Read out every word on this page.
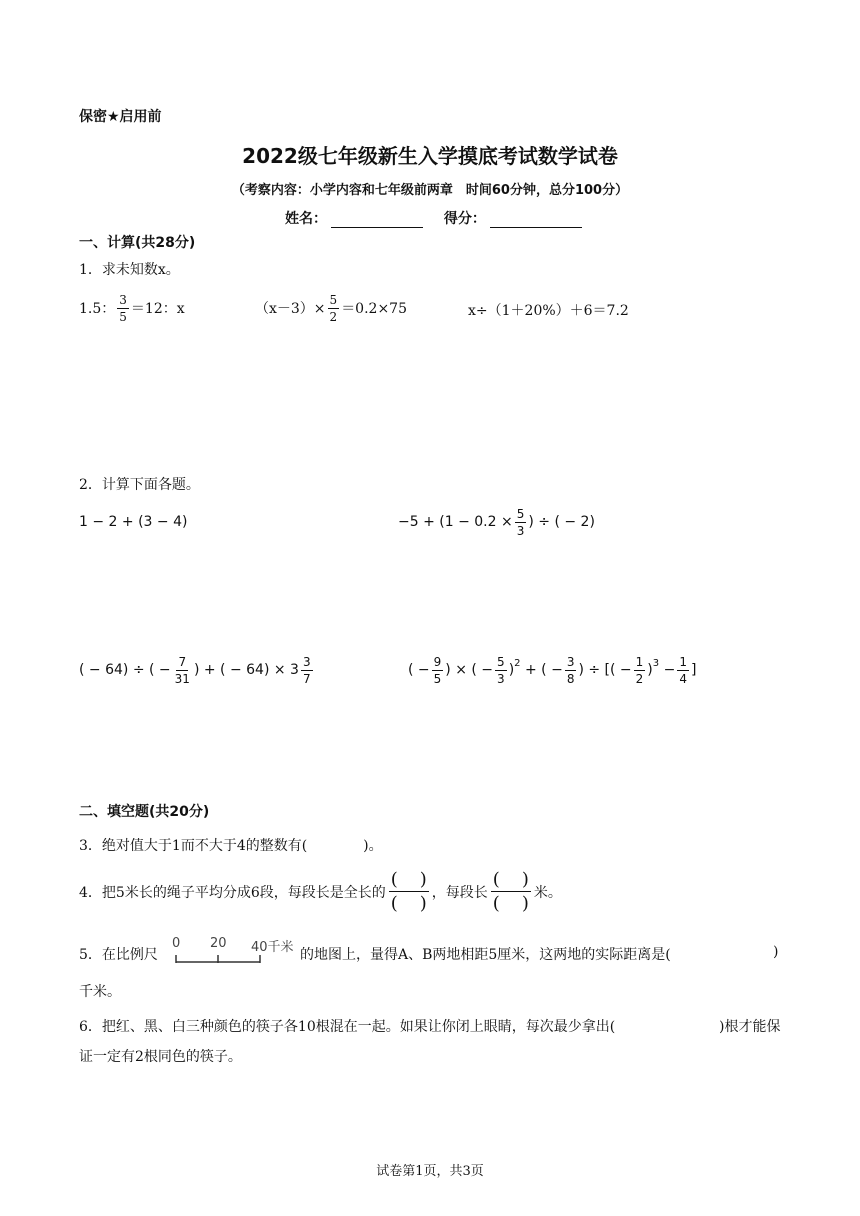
保密★启用前
2022级七年级新生入学摸底考试数学试卷
（考察内容：小学内容和七年级前两章　时间60分钟，总分100分）
姓名：	得分：
一、计算(共28分)
1．求未知数x。
1.5： $\frac{3}{5} =12$：x	$(x-3)\times \frac{5}{2} =0.2\times 75$	x÷（1＋20%）＋6＝7.2
2．计算下面各题。
1 − 2 + (3 − 4)	$-5 + (1 - 0.2 \times \frac{5}{3}$ ) ÷ ( − 2)
( − 64) ÷ ( − $\frac{7}{31}$ ) + ( − $64) \times 3 \frac{3}{7}$	( − $\frac{9}{5}$ ) × ( − $\frac{5}{3} )^2$ + ( − $\frac{3}{8}$ ) ÷ [( − $\frac{1}{2} )^3 - \frac{1}{4}$ ]
二、填空题(共20分)
3．绝对值大于1而不大于4的整数有(　　　　)。
4．把5米长的绳子平均分成6段，每段长是全长的 $\frac{( )}{( )}$ ，每段长 $\frac{( )}{( )}$ 米。
5．在比例尺
0 20 40千米 的地图上，量得A、B两地相距5厘米，这两地的实际距离是(	)
千米。
6．把红、黑、白三种颜色的筷子各10根混在一起。如果让你闭上眼睛，每次最少拿出(	)根才能保
证一定有2根同色的筷子。
试卷第1页，共3页
